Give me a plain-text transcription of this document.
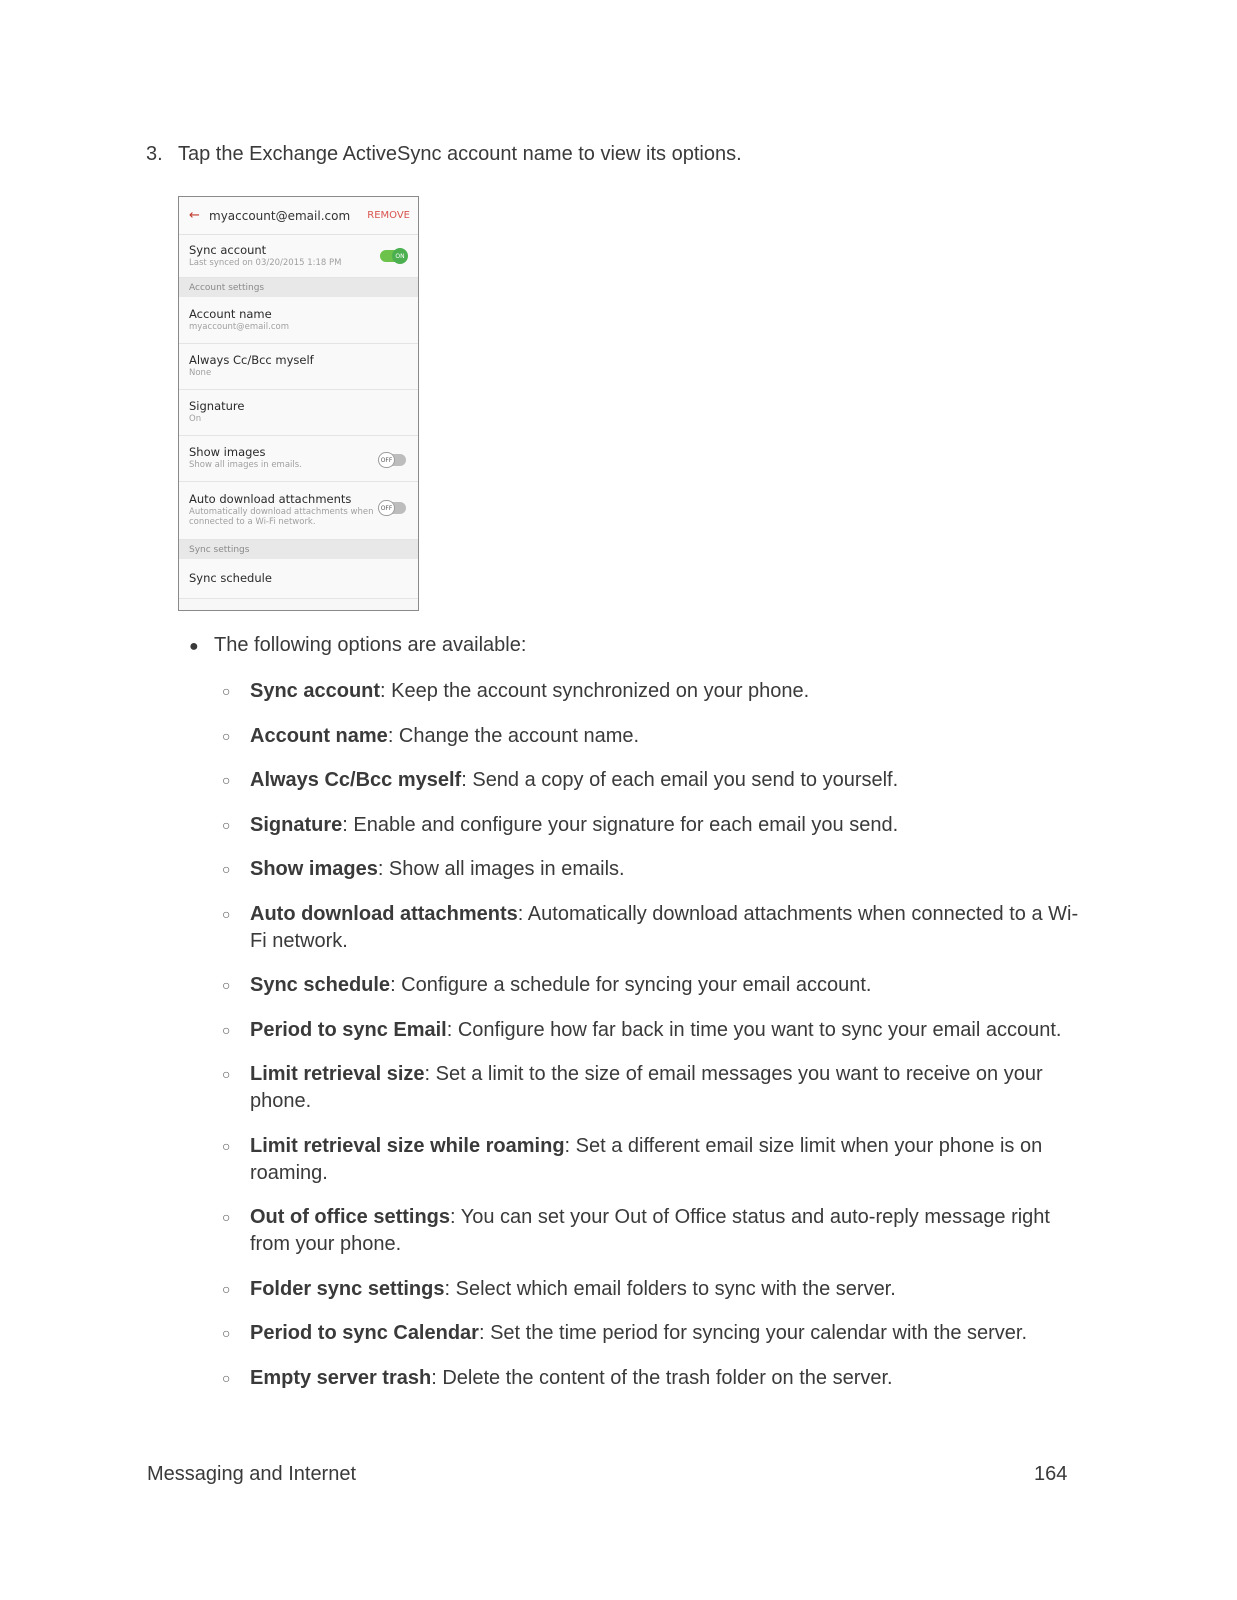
3. Tap the Exchange ActiveSync account name to view its options.
← myaccount@email.com	REMOVE
Sync account
Last synced on 03/20/2015 1:18 PM
ON
Account settings
Account name
myaccount@email.com
Always Cc/Bcc myself
None
Signature
On
Show images
Show all images in emails.	OFF
Auto download attachments
Automatically download attachments when connected to a Wi-Fi network.
OFF
Sync settings
Sync schedule
● The following options are available:
○ Sync account: Keep the account synchronized on your phone.
○ Account name: Change the account name.
○ Always Cc/Bcc myself: Send a copy of each email you send to yourself.
○ Signature: Enable and configure your signature for each email you send.
○ Show images: Show all images in emails.
○ Auto download attachments: Automatically download attachments when connected to a Wi-Fi network.
○ Sync schedule: Configure a schedule for syncing your email account.
○ Period to sync Email: Configure how far back in time you want to sync your email account.
○ Limit retrieval size: Set a limit to the size of email messages you want to receive on your phone.
○ Limit retrieval size while roaming: Set a different email size limit when your phone is on roaming.
○ Out of office settings: You can set your Out of Office status and auto-reply message right from your phone.
○ Folder sync settings: Select which email folders to sync with the server.
○ Period to sync Calendar: Set the time period for syncing your calendar with the server.
○ Empty server trash: Delete the content of the trash folder on the server.
Messaging and Internet	164
